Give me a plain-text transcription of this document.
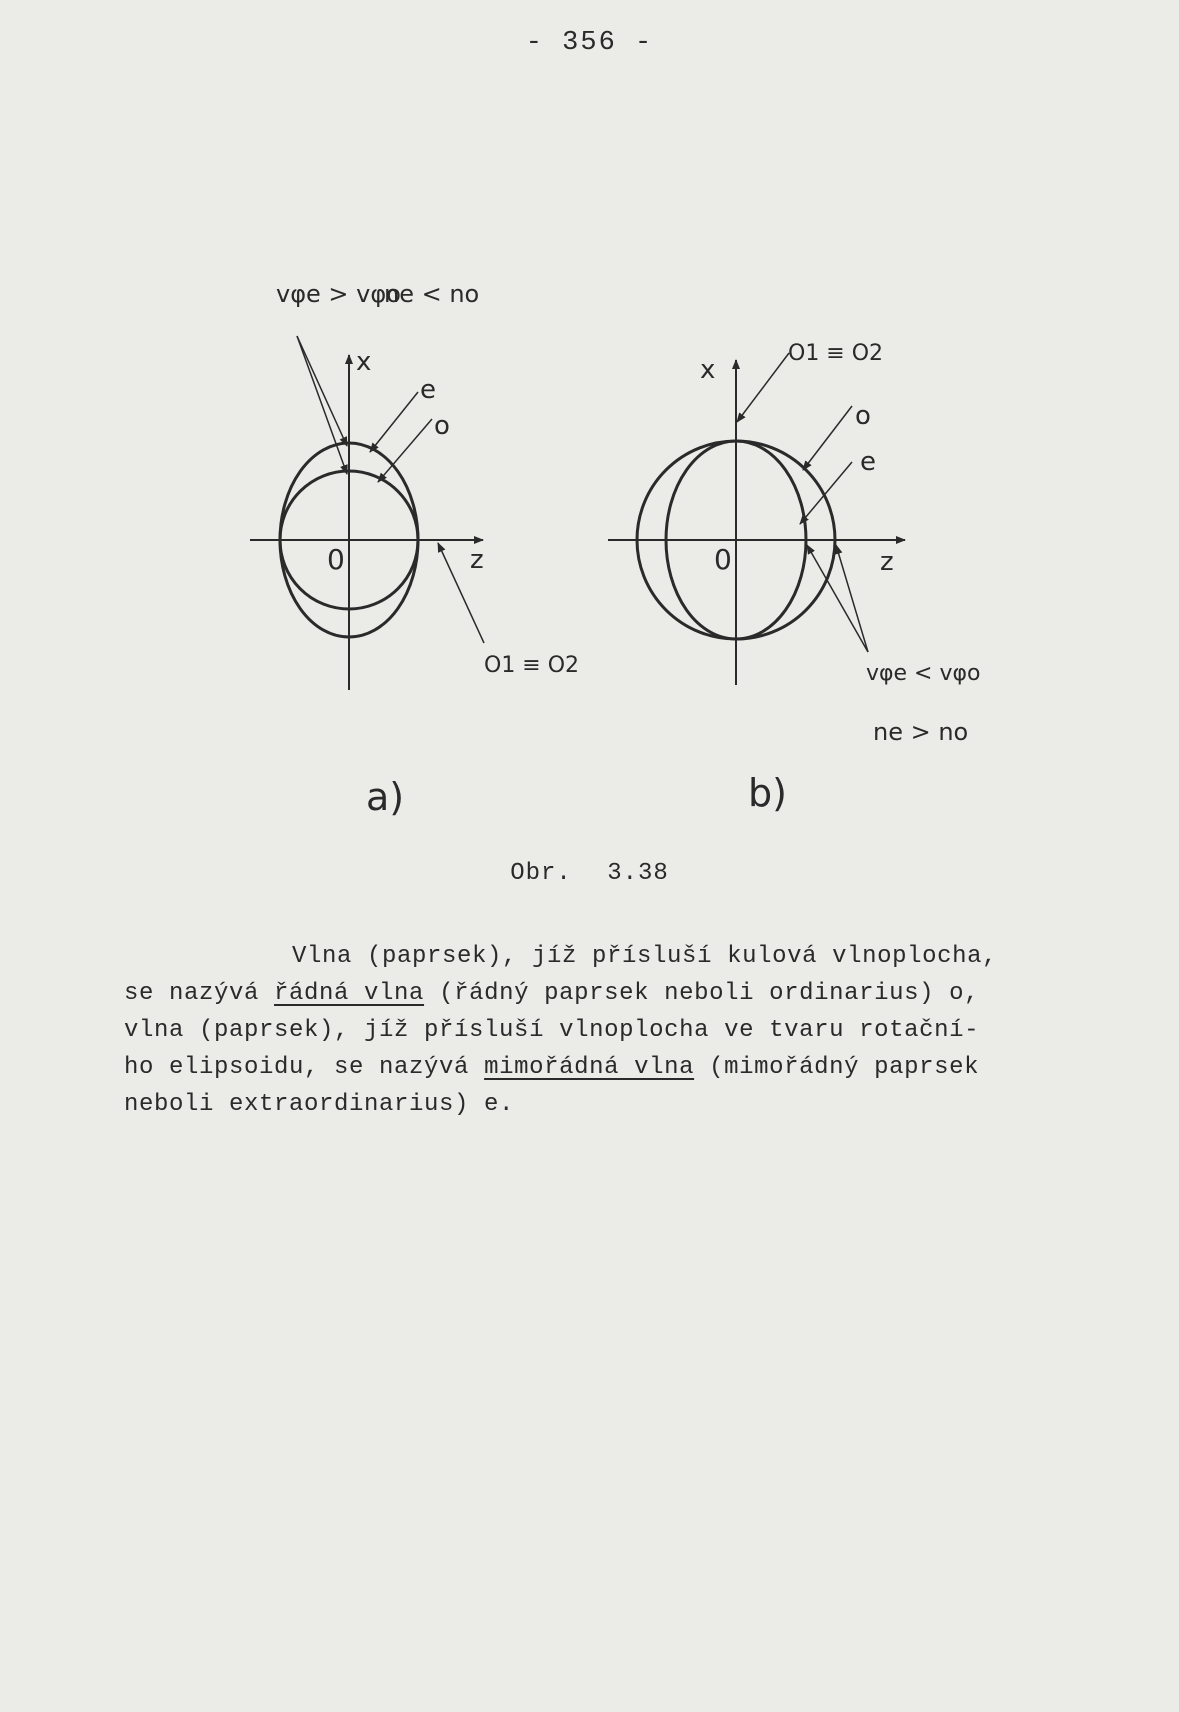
- 356 -
vφe > vφo
ne < no
x
e
o
0	z
O1 ≡ O2
a)
x
O1 ≡ O2
o
e
0	z
vφe < vφo
ne > no
b)
Obr. 3.38
Vlna (paprsek), jíž přísluší kulová vlnoplocha,
se nazývá řádná vlna (řádný paprsek neboli ordinarius) o,
vlna (paprsek), jíž přísluší vlnoplocha ve tvaru rotační-
ho elipsoidu, se nazývá mimořádná vlna (mimořádný paprsek
neboli extraordinarius) e.
